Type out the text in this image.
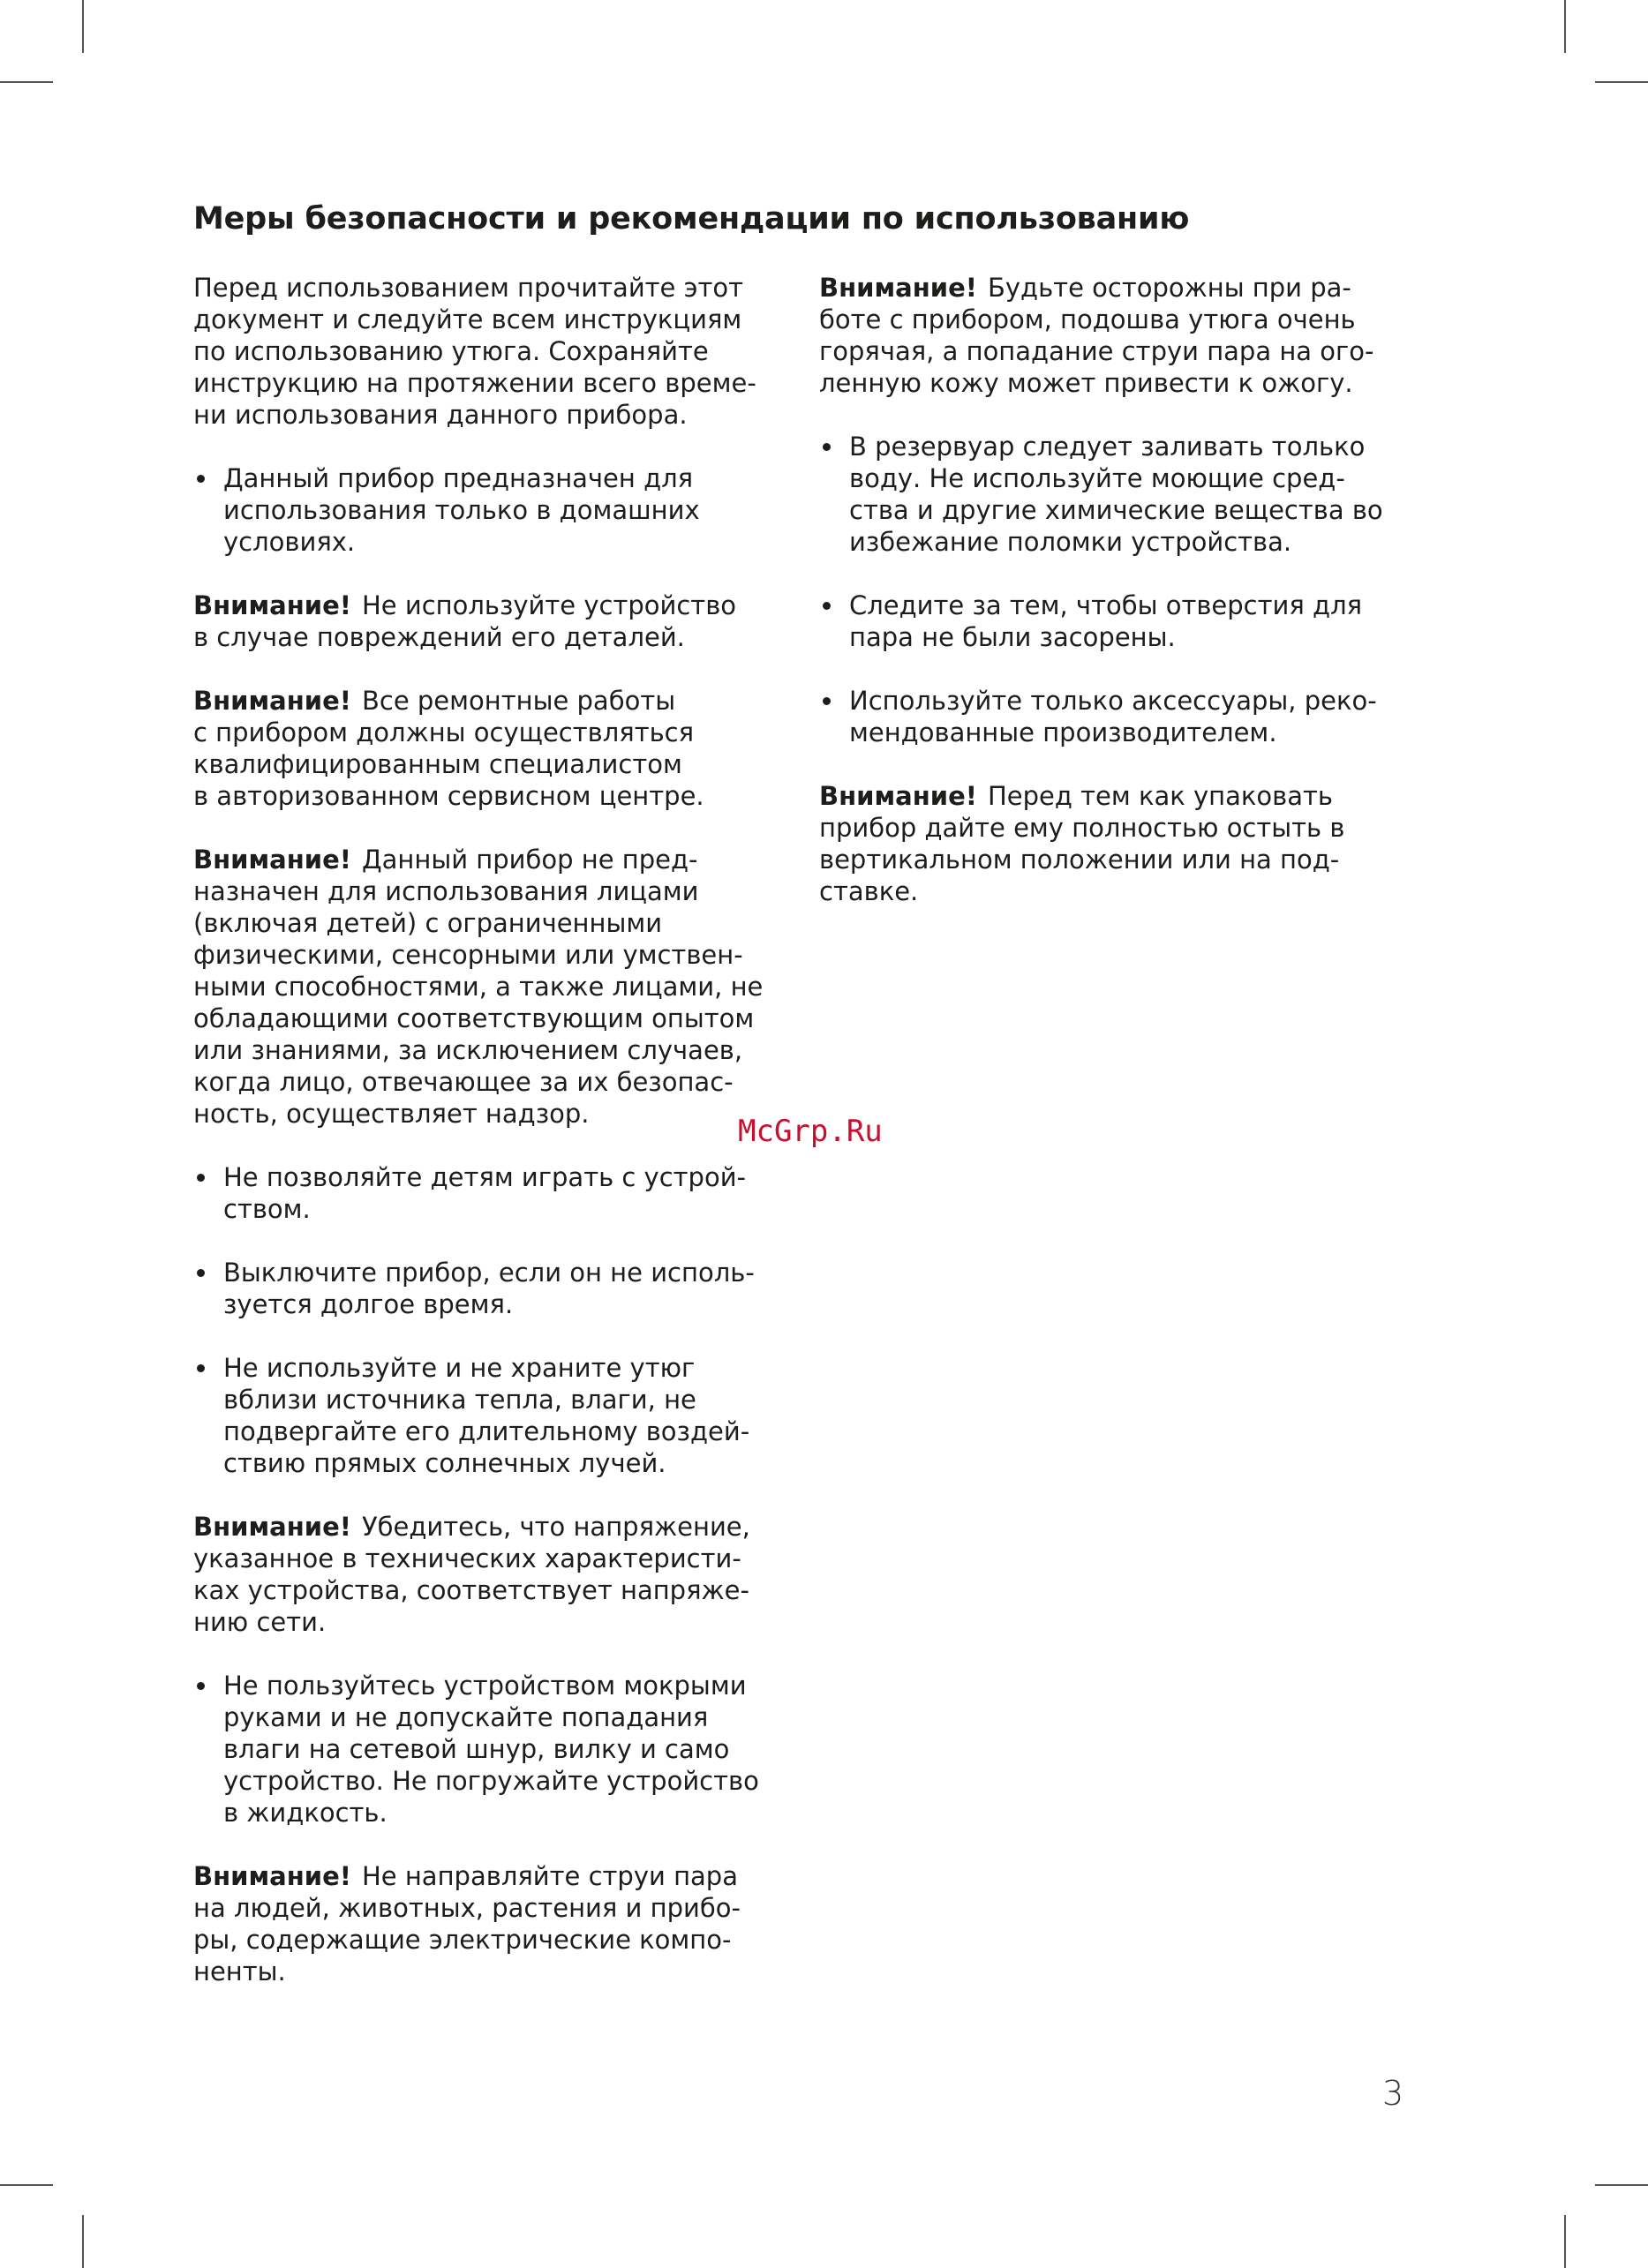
Меры безопасности и рекомендации по использованию
Перед использованием прочитайте этот
документ и следуйте всем инструкциям
по использованию утюга. Сохраняйте
инструкцию на протяжении всего време-
ни использования данного прибора.
Данный прибор предназначен для
использования только в домашних
условиях.
Внимание! Не используйте устройство
в случае повреждений его деталей.
Внимание! Все ремонтные работы
с прибором должны осуществляться
квалифицированным специалистом
в авторизованном сервисном центре.
Внимание! Данный прибор не пред-
назначен для использования лицами
(включая детей) с ограниченными
физическими, сенсорными или умствен-
ными способностями, а также лицами, не
обладающими соответствующим опытом
или знаниями, за исключением случаев,
когда лицо, отвечающее за их безопас-
ность, осуществляет надзор.
Не позволяйте детям играть с устрой-
ством.
Выключите прибор, если он не исполь-
зуется долгое время.
Не используйте и не храните утюг
вблизи источника тепла, влаги, не
подвергайте его длительному воздей-
ствию прямых солнечных лучей.
Внимание! Убедитесь, что напряжение,
указанное в технических характеристи-
ках устройства, соответствует напряже-
нию сети.
Не пользуйтесь устройством мокрыми
руками и не допускайте попадания
влаги на сетевой шнур, вилку и само
устройство. Не погружайте устройство
в жидкость.
Внимание! Не направляйте струи пара
на людей, животных, растения и прибо-
ры, содержащие электрические компо-
ненты.
Внимание! Будьте осторожны при ра-
боте с прибором, подошва утюга очень
горячая, а попадание струи пара на ого-
ленную кожу может привести к ожогу.
В резервуар следует заливать только
воду. Не используйте моющие сред-
ства и другие химические вещества во
избежание поломки устройства.
Следите за тем, чтобы отверстия для
пара не были засорены.
Используйте только аксессуары, реко-
мендованные производителем.
Внимание! Перед тем как упаковать
прибор дайте ему полностью остыть в
вертикальном положении или на под-
ставке.
McGrp.Ru
3
